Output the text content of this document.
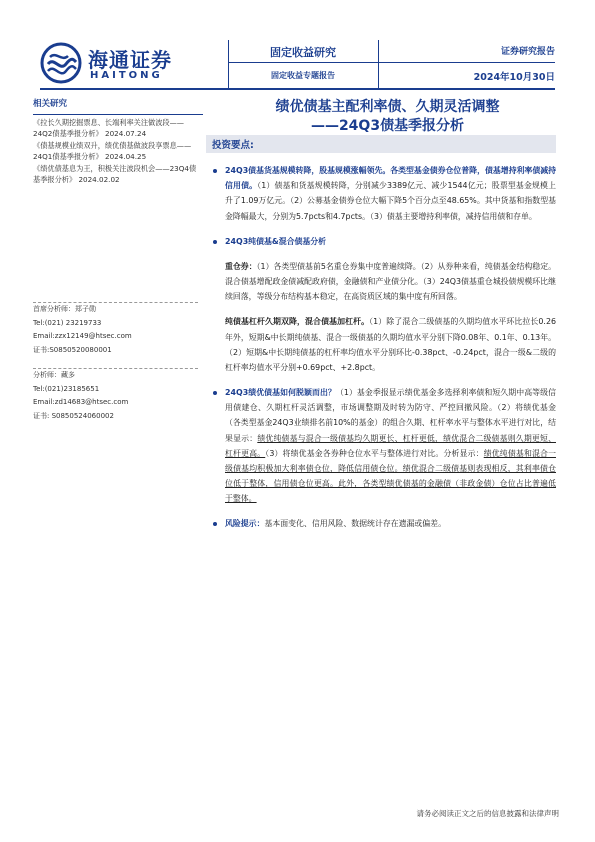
海通证券
HAITONG
固定收益研究
固定收益专题报告
证券研究报告
2024年10月30日
相关研究
《拉长久期挖掘票息、长端利率关注做波段——24Q2债基季报分析》 2024.07.24
《债基规模业绩双升，绩优债基做波段享票息——24Q1债基季报分析》 2024.04.25
《绩优债基息为王，积极关注波段机会——23Q4债基季报分析》 2024.02.02
首席分析师：郑子勋
Tel:(021) 23219733
Email:zzx12149@htsec.com
证书:S0850520080001
分析师：藏多
Tel:(021)23185651
Email:zd14683@htsec.com
证书: S0850524060002
绩优债基主配利率债、久期灵活调整
——24Q3债基季报分析
投资要点:

24Q3债基货基规模转降，股基规模涨幅领先。各类型基金债券仓位普降，债基增持利率债减持信用债。（1）债基和货基规模转降，分别减少3389亿元、减少1544亿元；股票型基金规模上升了1.09万亿元。（2）公募基金债券仓位大幅下降5个百分点至48.65%。其中货基和指数型基金降幅最大，分别为5.7pcts和4.7pcts。（3）债基主要增持利率债，减持信用债和存单。

24Q3纯债基&混合债基分析

重仓券：（1）各类型债基前5名重仓券集中度普遍续降。（2）从券种来看，纯债基金结构稳定。混合债基增配政金债减配政府债，金融债和产业债分化。（3）24Q3债基重仓城投债规模环比继续回落，等级分布结构基本稳定，在高资质区域的集中度有所回落。

纯债基杠杆久期双降，混合债基加杠杆。（1）除了混合二级债基的久期均值水平环比拉长0.26年外，短期&中长期纯债基、混合一级债基的久期均值水平分别下降0.08年、0.1年、0.13年。（2）短期&中长期纯债基的杠杆率均值水平分别环比-0.38pct、-0.24pct，混合一级&二级的杠杆率均值水平分别+0.69pct、+2.8pct。

24Q3绩优债基如何脱颖而出？（1）基金季报显示绩优基金多选择利率债和短久期中高等级信用债建仓、久期杠杆灵活调整，市场调整期及时转为防守、严控回撤风险。（2）将绩优基金（各类型基金24Q3业绩排名前10%的基金）的组合久期、杠杆率水平与整体水平进行对比，结果显示：绩优纯债基与混合一级债基均久期更长、杠杆更低，绩优混合二级债基则久期更短、杠杆更高。（3）将绩优基金各券种仓位水平与整体进行对比。分析显示：绩优纯债基和混合一级债基均积极加大利率债仓位，降低信用债仓位。绩优混合二级债基则表现相反，其利率债仓位低于整体，信用债仓位更高。此外，各类型绩优债基的金融债（非政金债）仓位占比普遍低于整体。

风险提示：基本面变化、信用风险、数据统计存在遗漏或偏差。

请务必阅读正文之后的信息披露和法律声明
